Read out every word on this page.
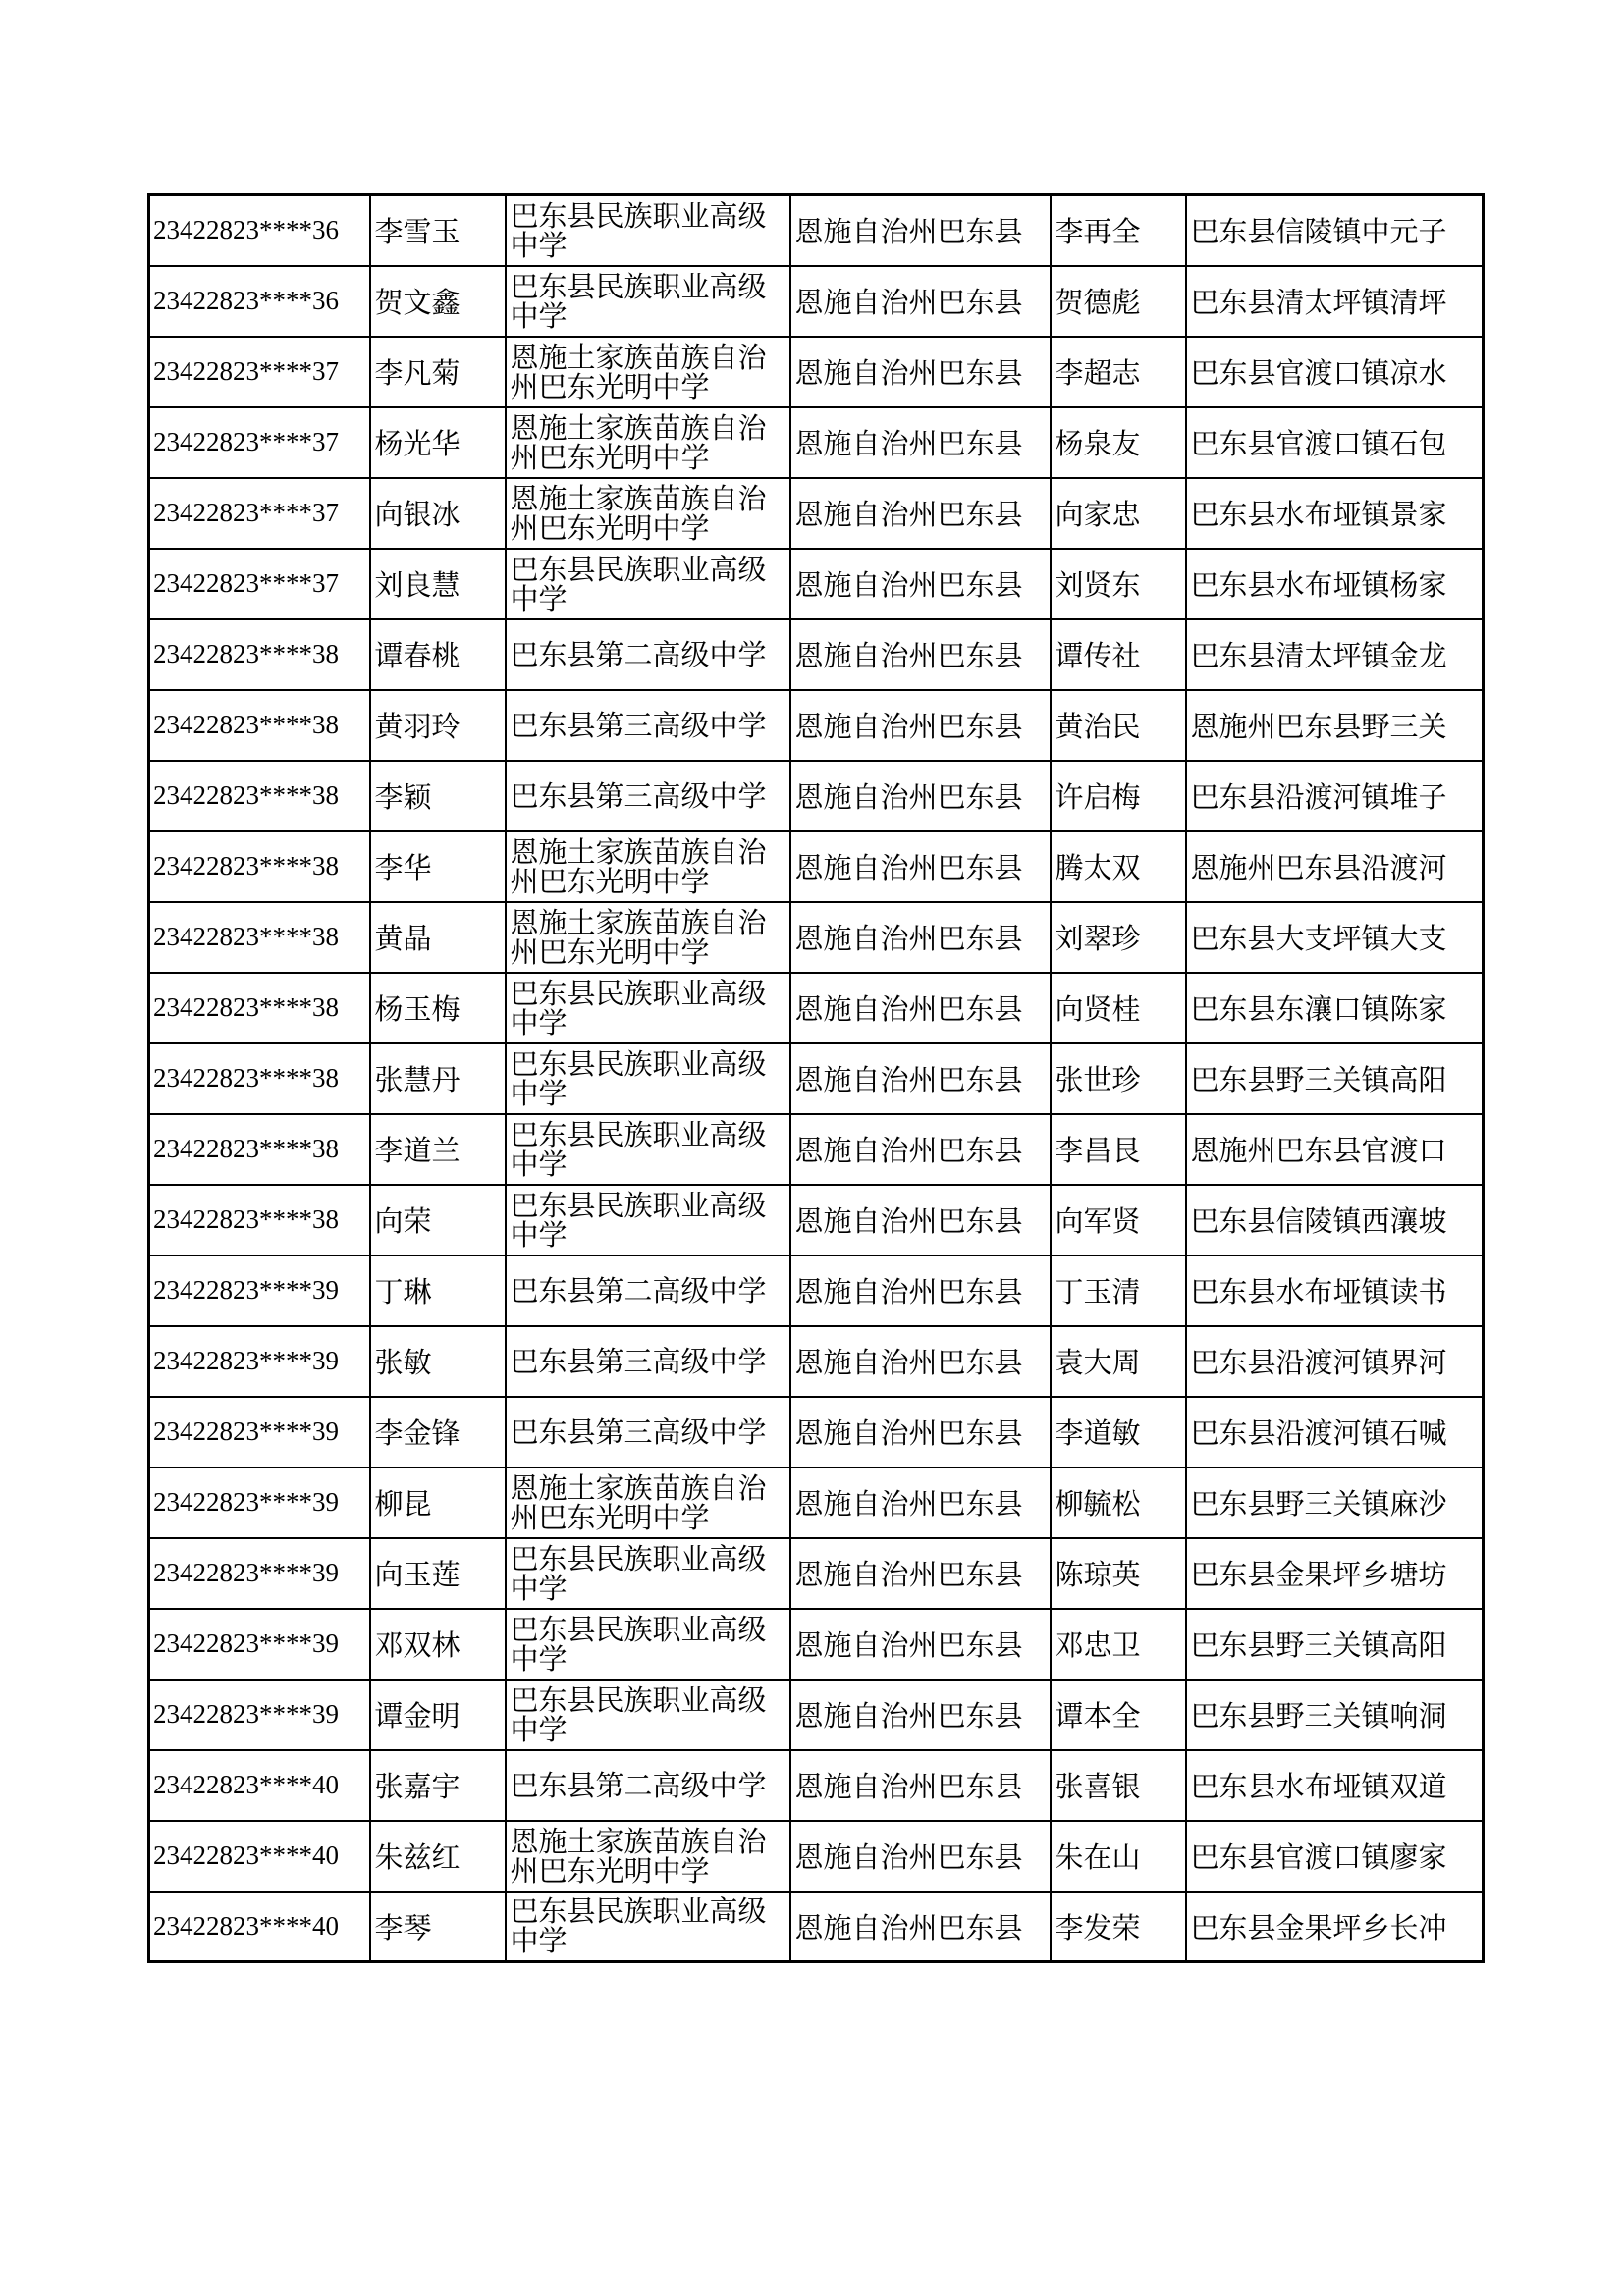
23422823****36	李雪玉	巴东县民族职业高级中学	恩施自治州巴东县	李再全	巴东县信陵镇中元子
23422823****36	贺文鑫	巴东县民族职业高级中学	恩施自治州巴东县	贺德彪	巴东县清太坪镇清坪
23422823****37	李凡菊	恩施土家族苗族自治州巴东光明中学	恩施自治州巴东县	李超志	巴东县官渡口镇凉水
23422823****37	杨光华	恩施土家族苗族自治州巴东光明中学	恩施自治州巴东县	杨泉友	巴东县官渡口镇石包
23422823****37	向银冰	恩施土家族苗族自治州巴东光明中学	恩施自治州巴东县	向家忠	巴东县水布垭镇景家
23422823****37	刘良慧	巴东县民族职业高级中学	恩施自治州巴东县	刘贤东	巴东县水布垭镇杨家
23422823****38	谭春桃	巴东县第二高级中学	恩施自治州巴东县	谭传社	巴东县清太坪镇金龙
23422823****38	黄羽玲	巴东县第三高级中学	恩施自治州巴东县	黄治民	恩施州巴东县野三关
23422823****38	李颖	巴东县第三高级中学	恩施自治州巴东县	许启梅	巴东县沿渡河镇堆子
23422823****38	李华	恩施土家族苗族自治州巴东光明中学	恩施自治州巴东县	腾太双	恩施州巴东县沿渡河
23422823****38	黄晶	恩施土家族苗族自治州巴东光明中学	恩施自治州巴东县	刘翠珍	巴东县大支坪镇大支
23422823****38	杨玉梅	巴东县民族职业高级中学	恩施自治州巴东县	向贤桂	巴东县东瀼口镇陈家
23422823****38	张慧丹	巴东县民族职业高级中学	恩施自治州巴东县	张世珍	巴东县野三关镇高阳
23422823****38	李道兰	巴东县民族职业高级中学	恩施自治州巴东县	李昌艮	恩施州巴东县官渡口
23422823****38	向荣	巴东县民族职业高级中学	恩施自治州巴东县	向军贤	巴东县信陵镇西瀼坡
23422823****39	丁琳	巴东县第二高级中学	恩施自治州巴东县	丁玉清	巴东县水布垭镇读书
23422823****39	张敏	巴东县第三高级中学	恩施自治州巴东县	袁大周	巴东县沿渡河镇界河
23422823****39	李金锋	巴东县第三高级中学	恩施自治州巴东县	李道敏	巴东县沿渡河镇石喊
23422823****39	柳昆	恩施土家族苗族自治州巴东光明中学	恩施自治州巴东县	柳毓松	巴东县野三关镇麻沙
23422823****39	向玉莲	巴东县民族职业高级中学	恩施自治州巴东县	陈琼英	巴东县金果坪乡塘坊
23422823****39	邓双林	巴东县民族职业高级中学	恩施自治州巴东县	邓忠卫	巴东县野三关镇高阳
23422823****39	谭金明	巴东县民族职业高级中学	恩施自治州巴东县	谭本全	巴东县野三关镇响洞
23422823****40	张嘉宇	巴东县第二高级中学	恩施自治州巴东县	张喜银	巴东县水布垭镇双道
23422823****40	朱兹红	恩施土家族苗族自治州巴东光明中学	恩施自治州巴东县	朱在山	巴东县官渡口镇廖家
23422823****40	李琴	巴东县民族职业高级中学	恩施自治州巴东县	李发荣	巴东县金果坪乡长冲
